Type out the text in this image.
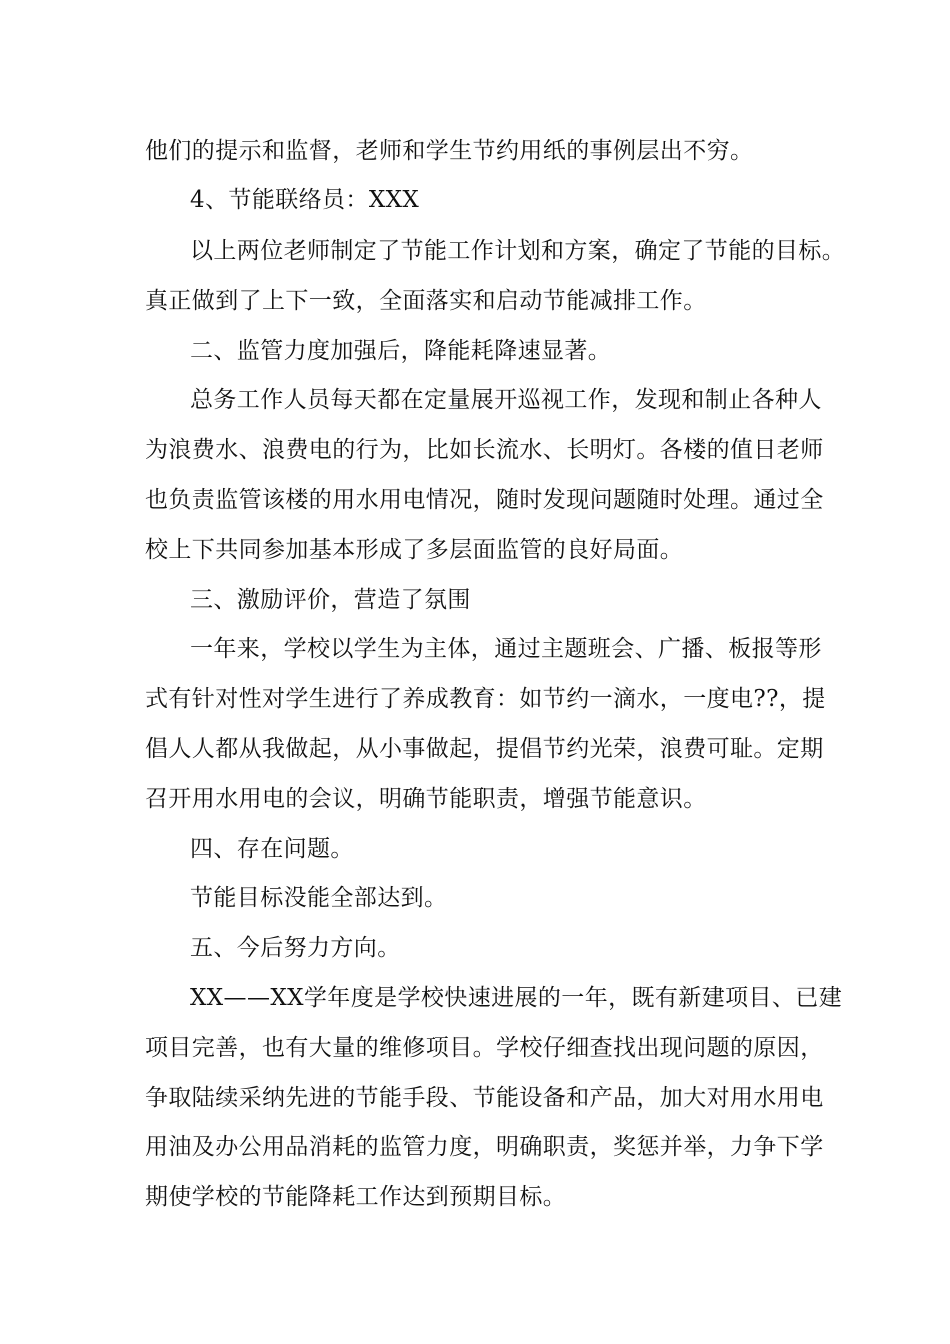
他们的提示和监督，老师和学生节约用纸的事例层出不穷。
4、节能联络员：XXX
以上两位老师制定了节能工作计划和方案，确定了节能的目标。
真正做到了上下一致，全面落实和启动节能减排工作。
二、监管力度加强后，降能耗降速显著。
总务工作人员每天都在定量展开巡视工作，发现和制止各种人
为浪费水、浪费电的行为，比如长流水、长明灯。各楼的值日老师
也负责监管该楼的用水用电情况，随时发现问题随时处理。通过全
校上下共同参加基本形成了多层面监管的良好局面。
三、激励评价，营造了氛围
一年来，学校以学生为主体，通过主题班会、广播、板报等形
式有针对性对学生进行了养成教育：如节约一滴水，一度电??，提
倡人人都从我做起，从小事做起，提倡节约光荣，浪费可耻。定期
召开用水用电的会议，明确节能职责，增强节能意识。
四、存在问题。
节能目标没能全部达到。
五、今后努力方向。
XX——XX学年度是学校快速进展的一年，既有新建项目、已建
项目完善，也有大量的维修项目。学校仔细查找出现问题的原因，
争取陆续采纳先进的节能手段、节能设备和产品，加大对用水用电
用油及办公用品消耗的监管力度，明确职责，奖惩并举，力争下学
期使学校的节能降耗工作达到预期目标。
